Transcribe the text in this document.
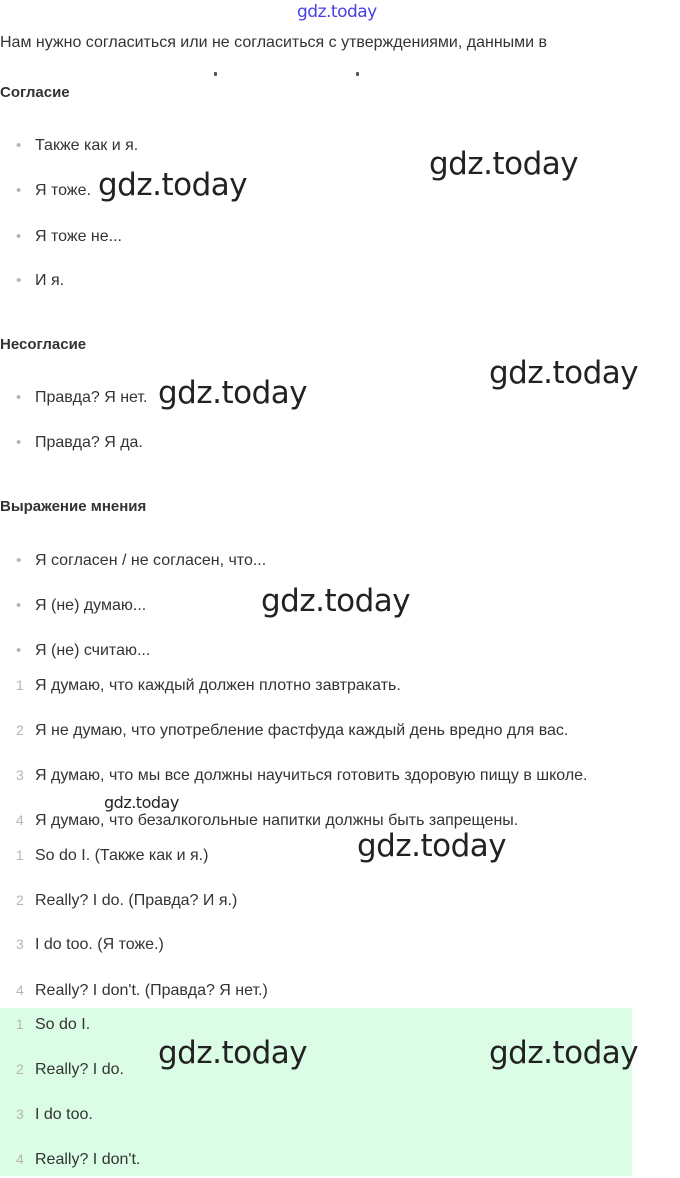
gdz.today
Нам нужно согласиться или не согласиться с утверждениями, данными в
Согласие
• Также как и я.
• Я тоже.
• Я тоже не...
• И я.
Несогласие
• Правда? Я нет.
• Правда? Я да.
Выражение мнения
• Я согласен / не согласен, что...
• Я (не) думаю...
• Я (не) считаю...
1 Я думаю, что каждый должен плотно завтракать.
2 Я не думаю, что употребление фастфуда каждый день вредно для вас.
3 Я думаю, что мы все должны научиться готовить здоровую пищу в школе.
4 Я думаю, что безалкогольные напитки должны быть запрещены.
1 So do I. (Также как и я.)
2 Really? I do. (Правда? И я.)
3 I do too. (Я тоже.)
4 Really? I don't. (Правда? Я нет.)
1 So do I.
2 Really? I do.
3 I do too.
4 Really? I don't.
gdz.today
gdz.today
gdz.today
gdz.today
gdz.today
gdz.today
gdz.today
gdz.today	gdz.today
